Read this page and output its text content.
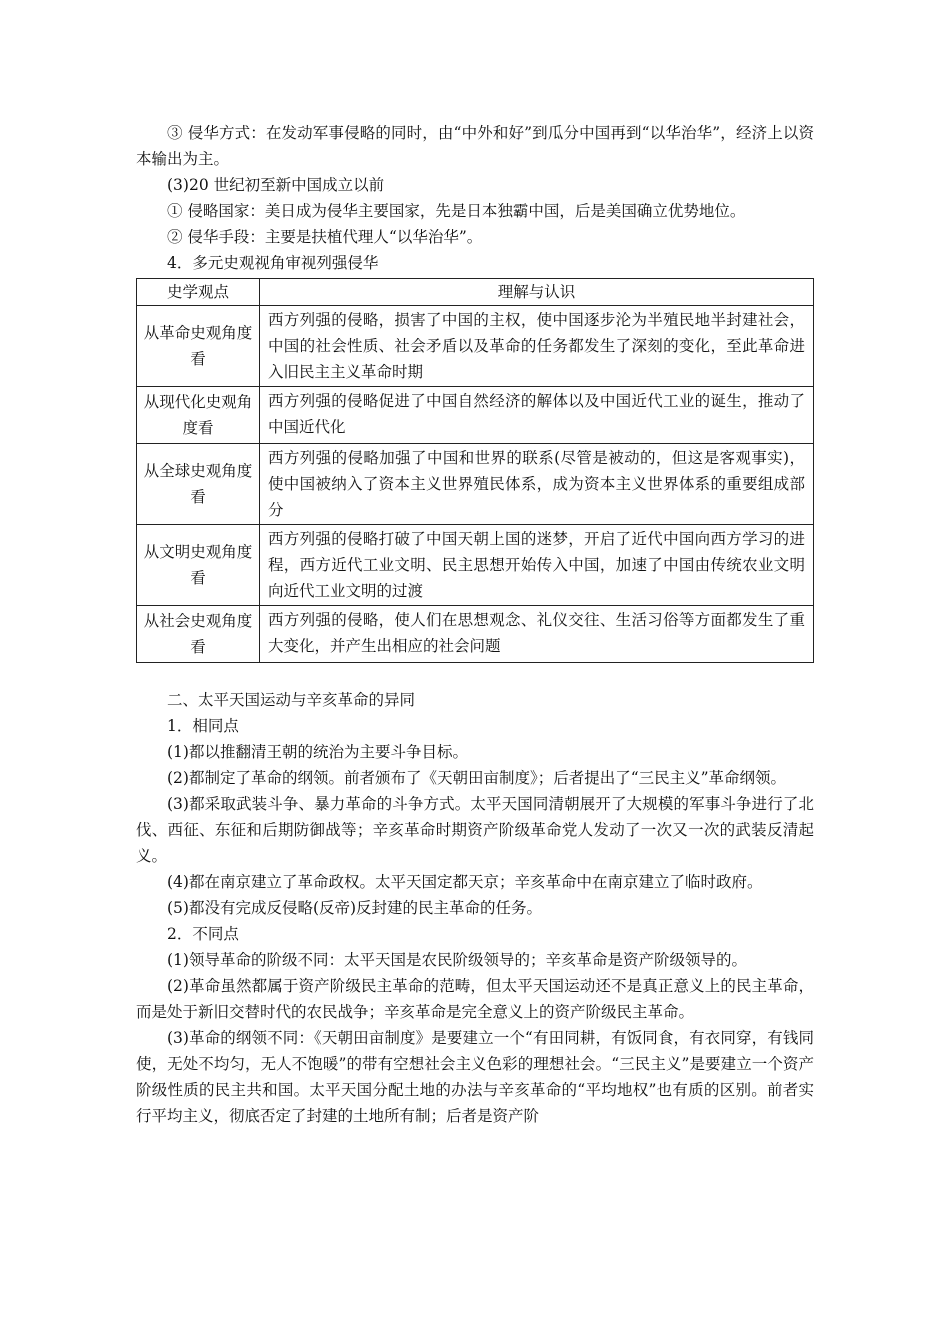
③ 侵华方式：在发动军事侵略的同时，由“中外和好”到瓜分中国再到“以华治华”，经济上以资本输出为主。

(3)20 世纪初至新中国成立以前

① 侵略国家：美日成为侵华主要国家，先是日本独霸中国，后是美国确立优势地位。

② 侵华手段：主要是扶植代理人“以华治华”。

4．多元史观视角审视列强侵华

史学观点	理解与认识
从革命史观角度看	西方列强的侵略，损害了中国的主权，使中国逐步沦为半殖民地半封建社会，中国的社会性质、社会矛盾以及革命的任务都发生了深刻的变化，至此革命进入旧民主主义革命时期
从现代化史观角度看	西方列强的侵略促进了中国自然经济的解体以及中国近代工业的诞生，推动了中国近代化
从全球史观角度看	西方列强的侵略加强了中国和世界的联系(尽管是被动的，但这是客观事实)，使中国被纳入了资本主义世界殖民体系，成为资本主义世界体系的重要组成部分
从文明史观角度看	西方列强的侵略打破了中国天朝上国的迷梦，开启了近代中国向西方学习的进程，西方近代工业文明、民主思想开始传入中国，加速了中国由传统农业文明向近代工业文明的过渡
从社会史观角度看	西方列强的侵略，使人们在思想观念、礼仪交往、生活习俗等方面都发生了重大变化，并产生出相应的社会问题

二、太平天国运动与辛亥革命的异同

1．相同点

(1)都以推翻清王朝的统治为主要斗争目标。

(2)都制定了革命的纲领。前者颁布了《天朝田亩制度》；后者提出了“三民主义”革命纲领。

(3)都采取武装斗争、暴力革命的斗争方式。太平天国同清朝展开了大规模的军事斗争进行了北伐、西征、东征和后期防御战等；辛亥革命时期资产阶级革命党人发动了一次又一次的武装反清起义。

(4)都在南京建立了革命政权。太平天国定都天京；辛亥革命中在南京建立了临时政府。

(5)都没有完成反侵略(反帝)反封建的民主革命的任务。

2．不同点

(1)领导革命的阶级不同：太平天国是农民阶级领导的；辛亥革命是资产阶级领导的。

(2)革命虽然都属于资产阶级民主革命的范畴，但太平天国运动还不是真正意义上的民主革命，而是处于新旧交替时代的农民战争；辛亥革命是完全意义上的资产阶级民主革命。

(3)革命的纲领不同：《天朝田亩制度》是要建立一个“有田同耕，有饭同食，有衣同穿，有钱同使，无处不均匀，无人不饱暖”的带有空想社会主义色彩的理想社会。“三民主义”是要建立一个资产阶级性质的民主共和国。太平天国分配土地的办法与辛亥革命的“平均地权”也有质的区别。前者实行平均主义，彻底否定了封建的土地所有制；后者是资产阶
